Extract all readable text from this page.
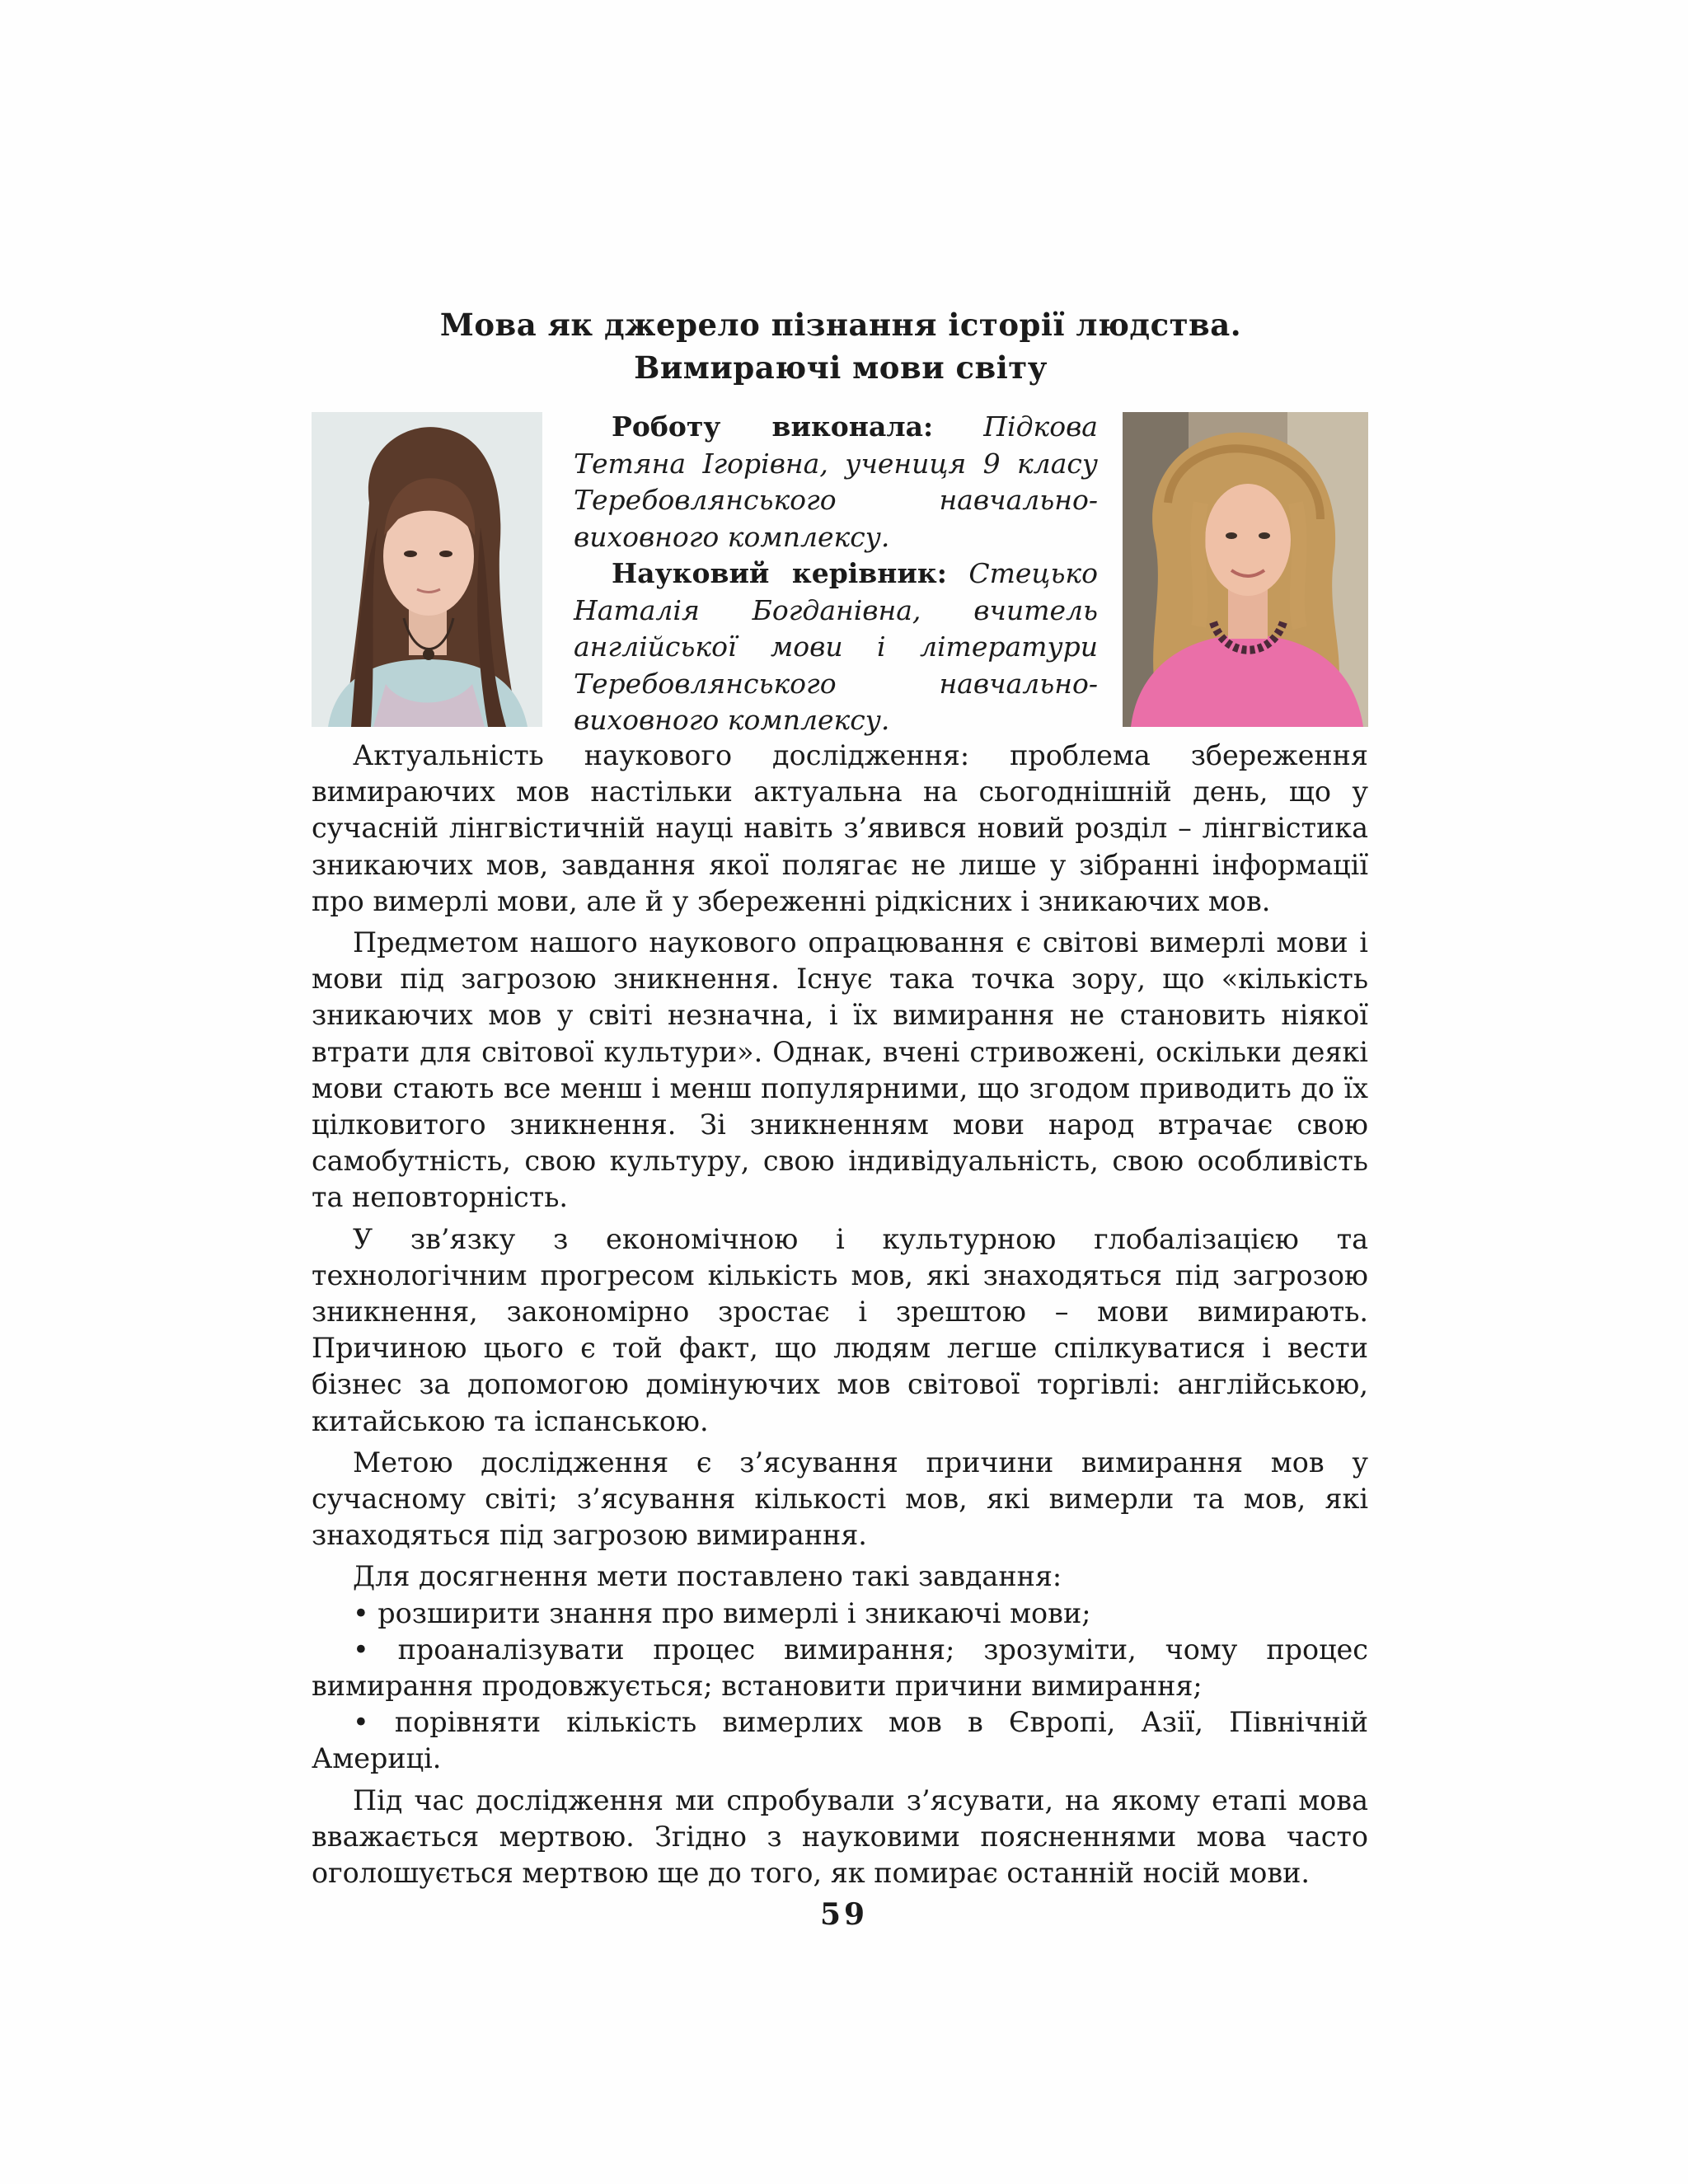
Мова як джерело пізнання історії людства.
Вимираючі мови світу

Роботу виконала: Підкова Тетяна Ігорівна, учениця 9 класу Теребовлянського навчально-виховного комплексу.

Науковий керівник: Стецько Наталія Богданівна, вчитель англійської мови і літератури Теребовлянського навчально-виховного комплексу.

Актуальність наукового дослідження: проблема збереження вимираючих мов настільки актуальна на сьогоднішній день, що у сучасній лінгвістичній науці навіть з’явився новий розділ – лінгвістика зникаючих мов, завдання якої полягає не лише у зібранні інформації про вимерлі мови, але й у збереженні рідкісних і зникаючих мов.

Предметом нашого наукового опрацювання є світові вимерлі мови і мови під загрозою зникнення. Існує така точка зору, що «кількість зникаючих мов у світі незначна, і їх вимирання не становить ніякої втрати для світової культури». Однак, вчені стривожені, оскільки деякі мови стають все менш і менш популярними, що згодом приводить до їх цілковитого зникнення. Зі зникненням мови народ втрачає свою самобутність, свою культуру, свою індивідуальність, свою особливість та неповторність.

У зв’язку з економічною і культурною глобалізацією та технологічним прогресом кількість мов, які знаходяться під загрозою зникнення, закономірно зростає і зрештою – мови вимирають. Причиною цього є той факт, що людям легше спілкуватися і вести бізнес за допомогою домінуючих мов світової торгівлі: англійською, китайською та іспанською.

Метою дослідження є з’ясування причини вимирання мов у сучасному світі; з’ясування кількості мов, які вимерли та мов, які знаходяться під загрозою вимирання.

Для досягнення мети поставлено такі завдання:

• розширити знання про вимерлі і зникаючі мови;

• проаналізувати процес вимирання; зрозуміти, чому процес вимирання продовжується; встановити причини вимирання;

• порівняти кількість вимерлих мов в Європі, Азії, Північній Америці.

Під час дослідження ми спробували з’ясувати, на якому етапі мова вважається мертвою. Згідно з науковими поясненнями мова часто оголошується мертвою ще до того, як помирає останній носій мови.

59
